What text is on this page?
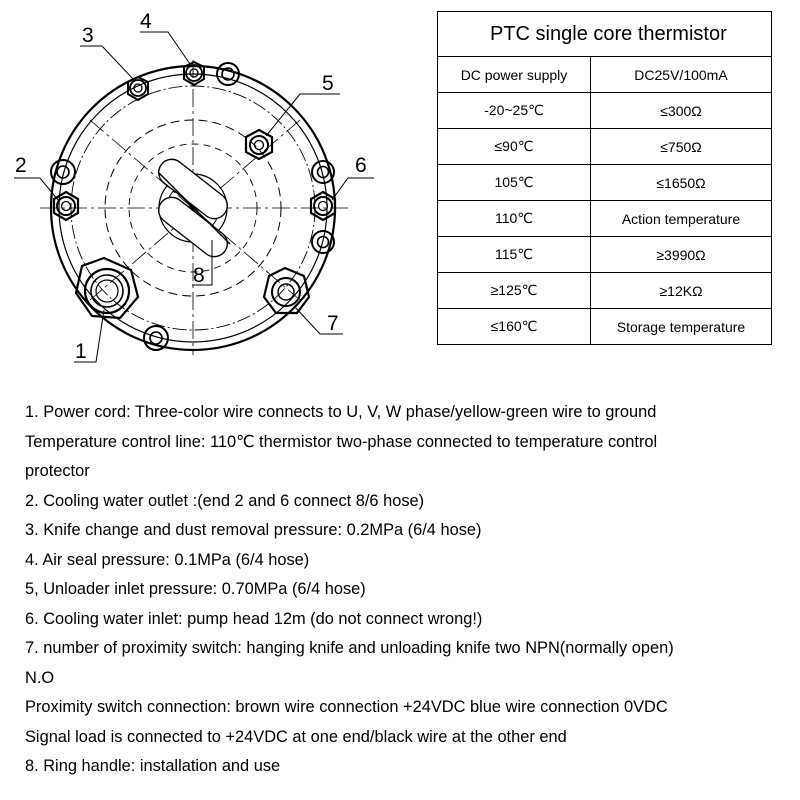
3
4
5
2	6
8
7
1
PTC single core thermistor	
DC power supply	DC25V/100mA
-20~25℃	≤300Ω
≤90℃	≤750Ω
105℃	≤1650Ω
110℃	Action temperature
115℃	≥3990Ω
≥125℃	≥12KΩ
≤160℃	Storage temperature
1. Power cord: Three-color wire connects to U, V, W phase/yellow-green wire to ground
Temperature control line: 110℃ thermistor two-phase connected to temperature control
protector
2. Cooling water outlet :(end 2 and 6 connect 8/6 hose)
3. Knife change and dust removal pressure: 0.2MPa (6/4 hose)
4. Air seal pressure: 0.1MPa (6/4 hose)
5, Unloader inlet pressure: 0.70MPa (6/4 hose)
6. Cooling water inlet: pump head 12m (do not connect wrong!)
7. number of proximity switch: hanging knife and unloading knife two NPN(normally open)
N.O
Proximity switch connection: brown wire connection +24VDC blue wire connection 0VDC
Signal load is connected to +24VDC at one end/black wire at the other end
8. Ring handle: installation and use
